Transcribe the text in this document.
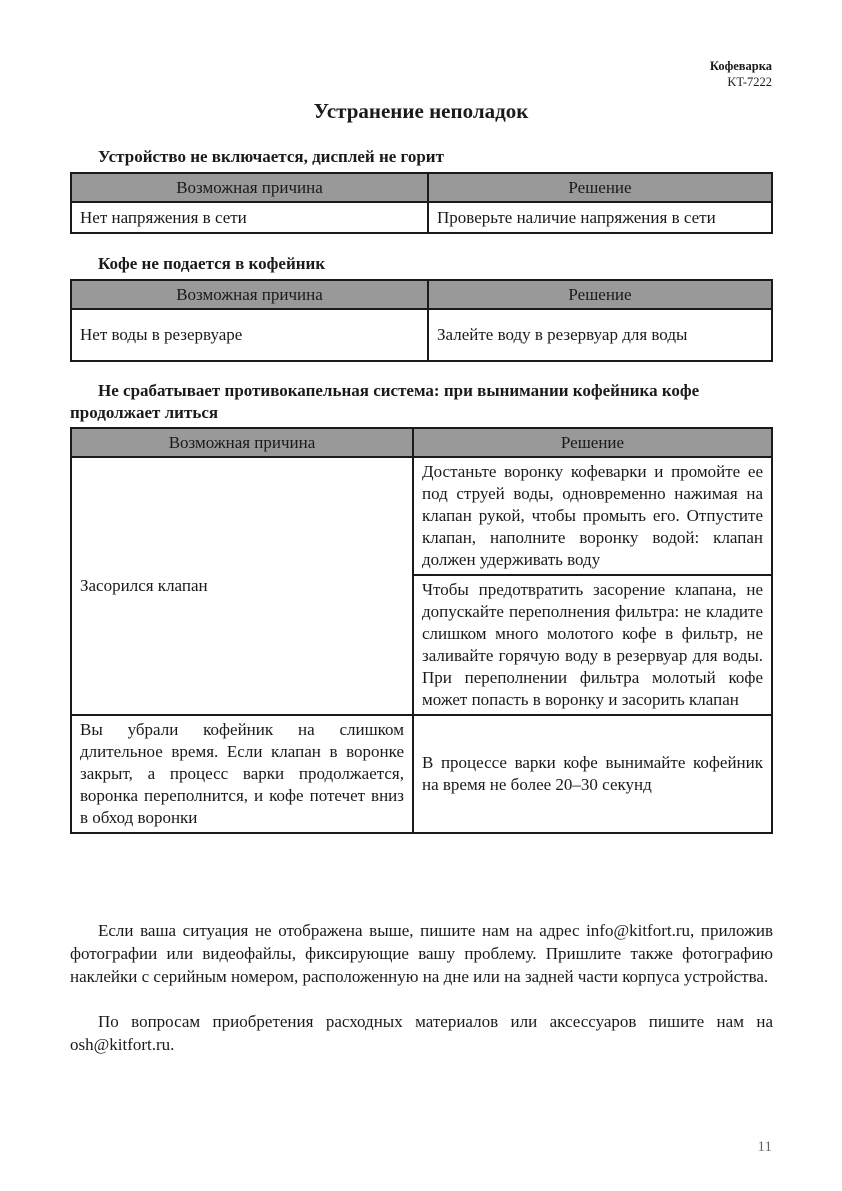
Кофеварка
KT-7222
Устранение неполадок
Устройство не включается, дисплей не горит
Возможная причина	Решение
Нет напряжения в сети	Проверьте наличие напряжения в сети
Кофе не подается в кофейник
Возможная причина	Решение
Нет воды в резервуаре	Залейте воду в резервуар для воды
Не срабатывает противокапельная система: при вынимании кофейника кофе продолжает литься
Возможная причина	Решение
Засорился клапан	Достаньте воронку кофеварки и промойте ее под струей воды, одновременно нажимая на клапан рукой, чтобы промыть его. Отпустите клапан, наполните воронку водой: клапан должен удерживать воду
	Чтобы предотвратить засорение клапана, не допускайте переполнения фильтра: не кладите слишком много молотого кофе в фильтр, не заливайте горячую воду в резервуар для воды. При переполнении фильтра молотый кофе может попасть в воронку и засорить клапан
Вы убрали кофейник на слишком длительное время. Если клапан в воронке закрыт, а процесс варки продолжается, воронка переполнится, и кофе потечет вниз в обход воронки	В процессе варки кофе вынимайте кофейник на время не более 20–30 секунд

Если ваша ситуация не отображена выше, пишите нам на адрес info@kitfort.ru, приложив фотографии или видеофайлы, фиксирующие вашу проблему. Пришлите также фотографию наклейки с серийным номером, расположенную на дне или на задней части корпуса устройства.

По вопросам приобретения расходных материалов или аксессуаров пишите нам на osh@kitfort.ru.

11
